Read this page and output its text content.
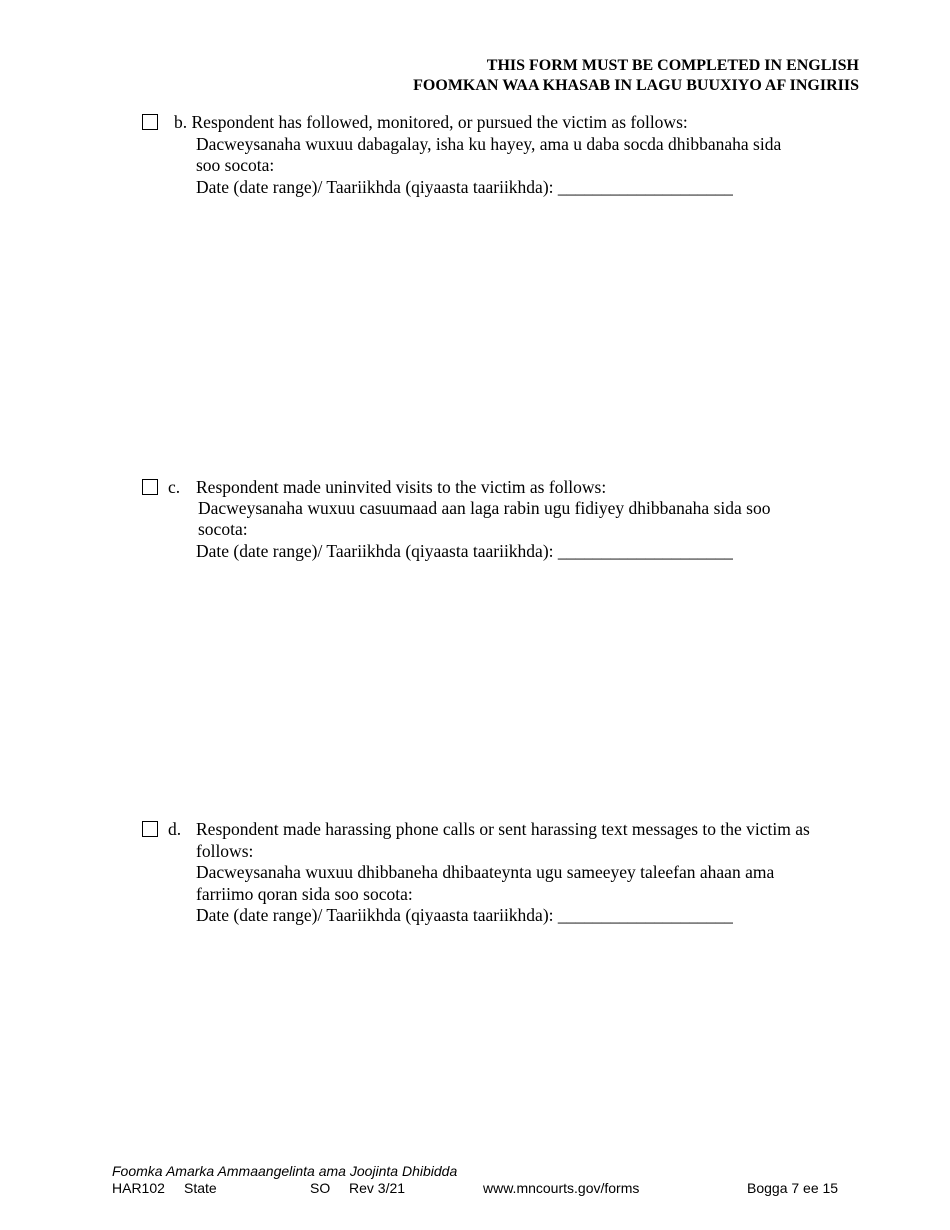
THIS FORM MUST BE COMPLETED IN ENGLISH
FOOMKAN WAA KHASAB IN LAGU BUUXIYO AF INGIRIIS
b. Respondent has followed, monitored, or pursued the victim as follows:
Dacweysanaha wuxuu dabagalay, isha ku hayey, ama u daba socda dhibbanaha sida
soo socota:
Date (date range)/ Taariikhda (qiyaasta taariikhda): ____________________
c. Respondent made uninvited visits to the victim as follows:
Dacweysanaha wuxuu casuumaad aan laga rabin ugu fidiyey dhibbanaha sida soo
socota:
Date (date range)/ Taariikhda (qiyaasta taariikhda): ____________________
d. Respondent made harassing phone calls or sent harassing text messages to the victim as
follows:
Dacweysanaha wuxuu dhibbaneha dhibaateynta ugu sameeyey taleefan ahaan ama
farriimo qoran sida soo socota:
Date (date range)/ Taariikhda (qiyaasta taariikhda): ____________________
Foomka Amarka Ammaangelinta ama Joojinta Dhibidda
HAR102 State	SO Rev 3/21	www.mncourts.gov/forms	Bogga 7 ee 15
